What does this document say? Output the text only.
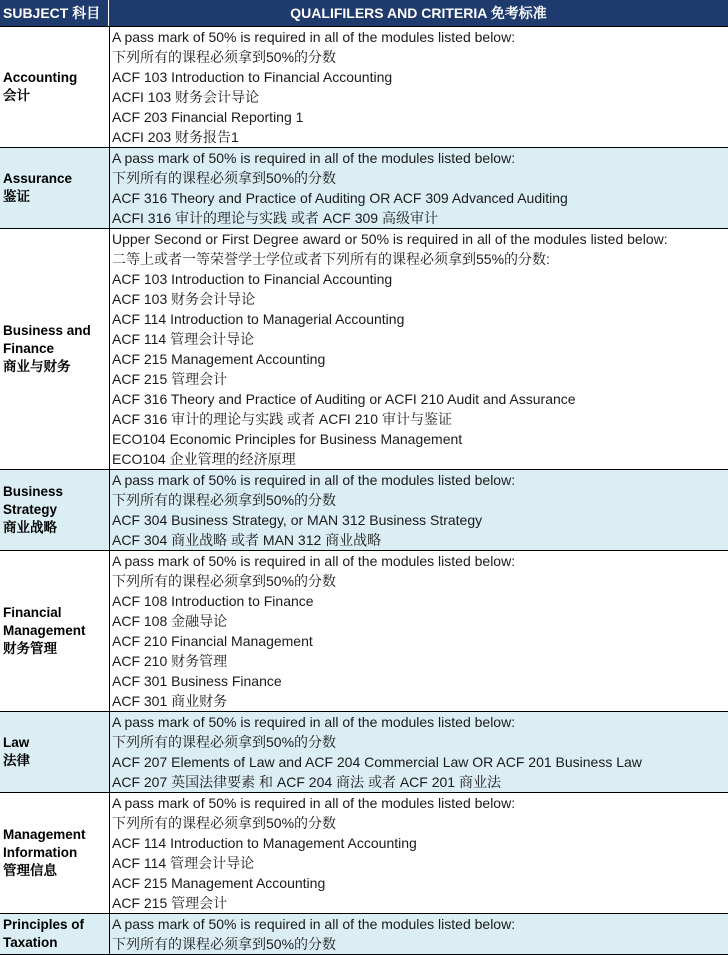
SUBJECT 科目	QUALIFILERS AND CRITERIA 免考标准
Accounting
会计
A pass mark of 50% is required in all of the modules listed below:
下列所有的课程必须拿到50%的分数
ACF 103 Introduction to Financial Accounting
ACFI 103 财务会计导论
ACF 203 Financial Reporting 1
ACFI 203 财务报告1
Assurance
鉴证
A pass mark of 50% is required in all of the modules listed below:
下列所有的课程必须拿到50%的分数
ACF 316 Theory and Practice of Auditing OR ACF 309 Advanced Auditing
ACFI 316 审计的理论与实践 或者 ACF 309 高级审计
Business and
Finance
商业与财务
Upper Second or First Degree award or 50% is required in all of the modules listed below:
二等上或者一等荣誉学士学位或者下列所有的课程必须拿到55%的分数:
ACF 103 Introduction to Financial Accounting
ACF 103 财务会计导论
ACF 114 Introduction to Managerial Accounting
ACF 114 管理会计导论
ACF 215 Management Accounting
ACF 215 管理会计
ACF 316 Theory and Practice of Auditing or ACFI 210 Audit and Assurance
ACF 316 审计的理论与实践 或者 ACFI 210 审计与鉴证
ECO104 Economic Principles for Business Management
ECO104 企业管理的经济原理
Business
Strategy
商业战略
A pass mark of 50% is required in all of the modules listed below:
下列所有的课程必须拿到50%的分数
ACF 304 Business Strategy, or MAN 312 Business Strategy
ACF 304 商业战略 或者 MAN 312 商业战略
Financial
Management
财务管理
A pass mark of 50% is required in all of the modules listed below:
下列所有的课程必须拿到50%的分数
ACF 108 Introduction to Finance
ACF 108 金融导论
ACF 210 Financial Management
ACF 210 财务管理
ACF 301 Business Finance
ACF 301 商业财务
Law
法律
A pass mark of 50% is required in all of the modules listed below:
下列所有的课程必须拿到50%的分数
ACF 207 Elements of Law and ACF 204 Commercial Law OR ACF 201 Business Law
ACF 207 英国法律要素 和 ACF 204 商法 或者 ACF 201 商业法
Management
Information
管理信息
A pass mark of 50% is required in all of the modules listed below:
下列所有的课程必须拿到50%的分数
ACF 114 Introduction to Management Accounting
ACF 114 管理会计导论
ACF 215 Management Accounting
ACF 215 管理会计
Principles of
Taxation
A pass mark of 50% is required in all of the modules listed below:
下列所有的课程必须拿到50%的分数
